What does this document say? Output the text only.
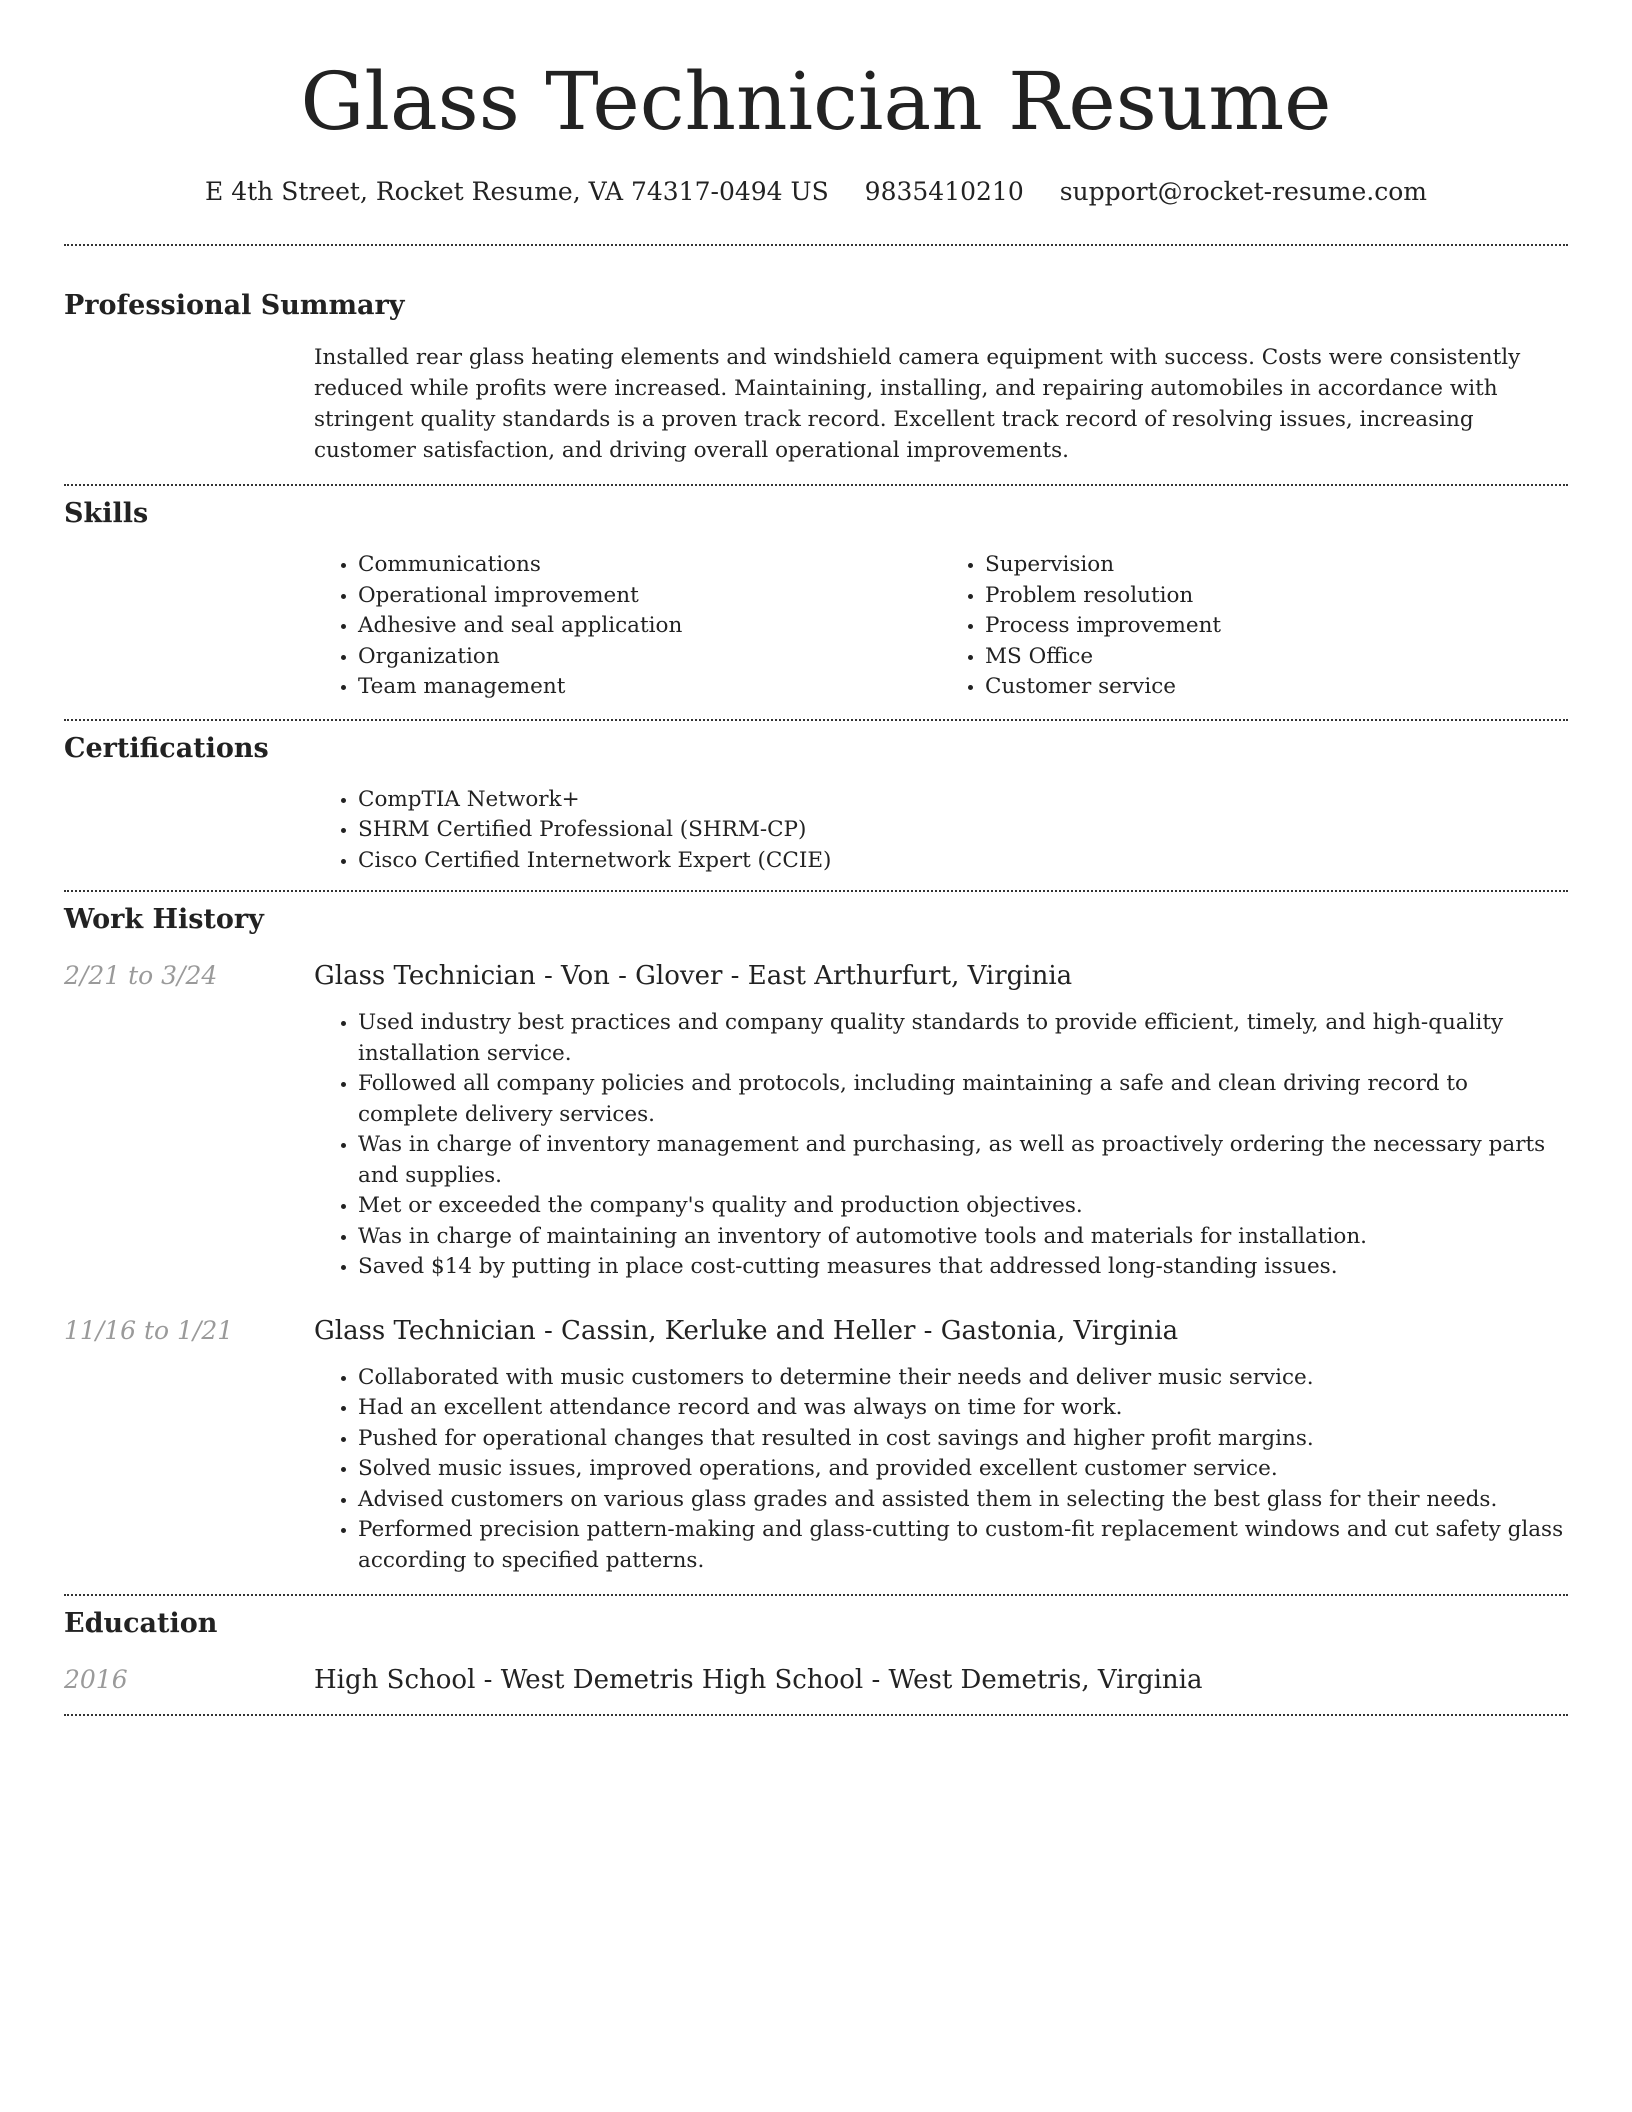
Glass Technician Resume
E 4th Street, Rocket Resume, VA 74317-0494 US 9835410210 support@rocket-resume.com
Professional Summary

Installed rear glass heating elements and windshield camera equipment with success. Costs were consistently reduced while profits were increased. Maintaining, installing, and repairing automobiles in accordance with stringent quality standards is a proven track record. Excellent track record of resolving issues, increasing customer satisfaction, and driving overall operational improvements.

Skills
• Communications
• Operational improvement
• Adhesive and seal application
• Organization
• Team management
• Supervision
• Problem resolution
• Process improvement
• MS Office
• Customer service
Certifications
• CompTIA Network+
• SHRM Certified Professional (SHRM-CP)
• Cisco Certified Internetwork Expert (CCIE)
Work History
2/21 to 3/24	Glass Technician - Von - Glover - East Arthurfurt, Virginia
• Used industry best practices and company quality standards to provide efficient, timely, and high-quality installation service.
• Followed all company policies and protocols, including maintaining a safe and clean driving record to complete delivery services.
• Was in charge of inventory management and purchasing, as well as proactively ordering the necessary parts and supplies.
• Met or exceeded the company's quality and production objectives.
• Was in charge of maintaining an inventory of automotive tools and materials for installation.
• Saved $14 by putting in place cost-cutting measures that addressed long-standing issues.
11/16 to 1/21	Glass Technician - Cassin, Kerluke and Heller - Gastonia, Virginia
• Collaborated with music customers to determine their needs and deliver music service.
• Had an excellent attendance record and was always on time for work.
• Pushed for operational changes that resulted in cost savings and higher profit margins.
• Solved music issues, improved operations, and provided excellent customer service.
• Advised customers on various glass grades and assisted them in selecting the best glass for their needs.
• Performed precision pattern-making and glass-cutting to custom-fit replacement windows and cut safety glass according to specified patterns.
Education
2016	High School - West Demetris High School - West Demetris, Virginia
